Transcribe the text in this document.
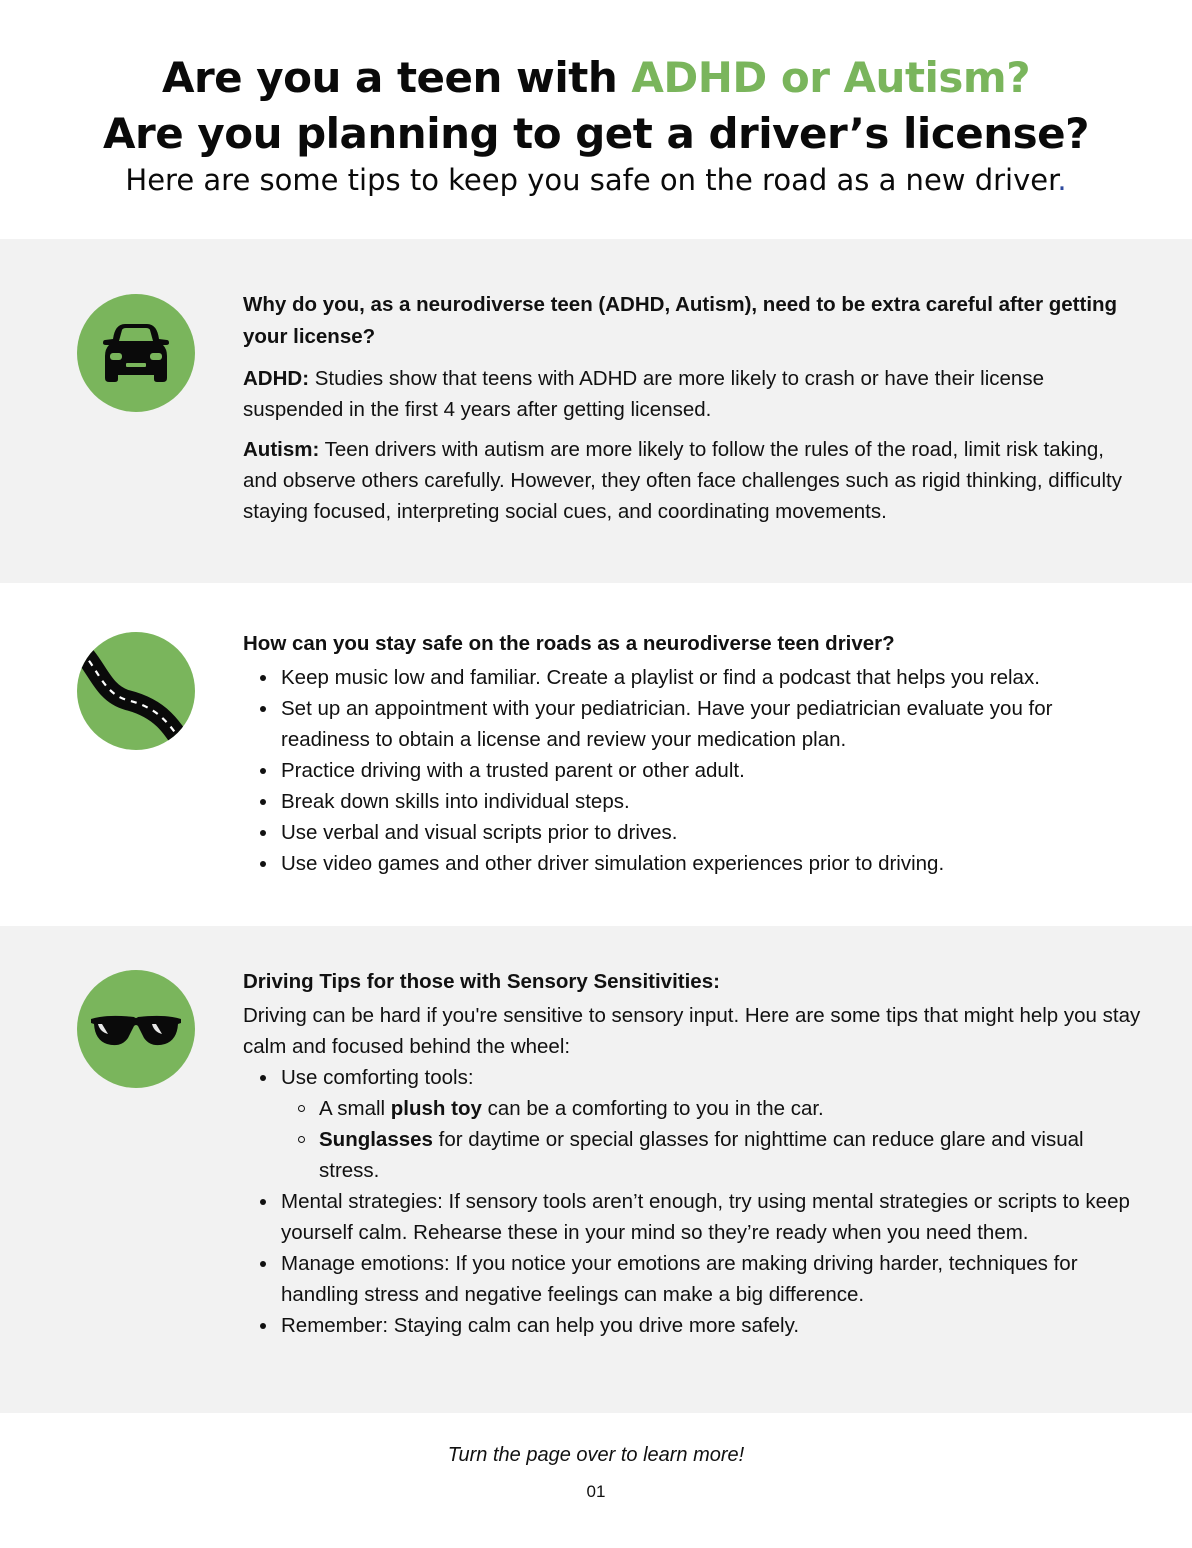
Are you a teen with ADHD or Autism?
Are you planning to get a driver’s license?
Here are some tips to keep you safe on the road as a new driver.
Why do you, as a neurodiverse teen (ADHD, Autism), need to be extra careful after getting your license?
ADHD: Studies show that teens with ADHD are more likely to crash or have their license suspended in the first 4 years after getting licensed.
Autism: Teen drivers with autism are more likely to follow the rules of the road, limit risk taking, and observe others carefully. However, they often face challenges such as rigid thinking, difficulty staying focused, interpreting social cues, and coordinating movements.
How can you stay safe on the roads as a neurodiverse teen driver?
Keep music low and familiar. Create a playlist or find a podcast that helps you relax.
Set up an appointment with your pediatrician. Have your pediatrician evaluate you for readiness to obtain a license and review your medication plan.
Practice driving with a trusted parent or other adult.
Break down skills into individual steps.
Use verbal and visual scripts prior to drives.
Use video games and other driver simulation experiences prior to driving.
Driving Tips for those with Sensory Sensitivities:
Driving can be hard if you're sensitive to sensory input. Here are some tips that might help you stay calm and focused behind the wheel:
Use comforting tools:
A small plush toy can be a comforting to you in the car.
Sunglasses for daytime or special glasses for nighttime can reduce glare and visual stress.
Mental strategies: If sensory tools aren’t enough, try using mental strategies or scripts to keep yourself calm. Rehearse these in your mind so they’re ready when you need them.
Manage emotions: If you notice your emotions are making driving harder, techniques for handling stress and negative feelings can make a big difference.
Remember: Staying calm can help you drive more safely.
Turn the page over to learn more!
01
